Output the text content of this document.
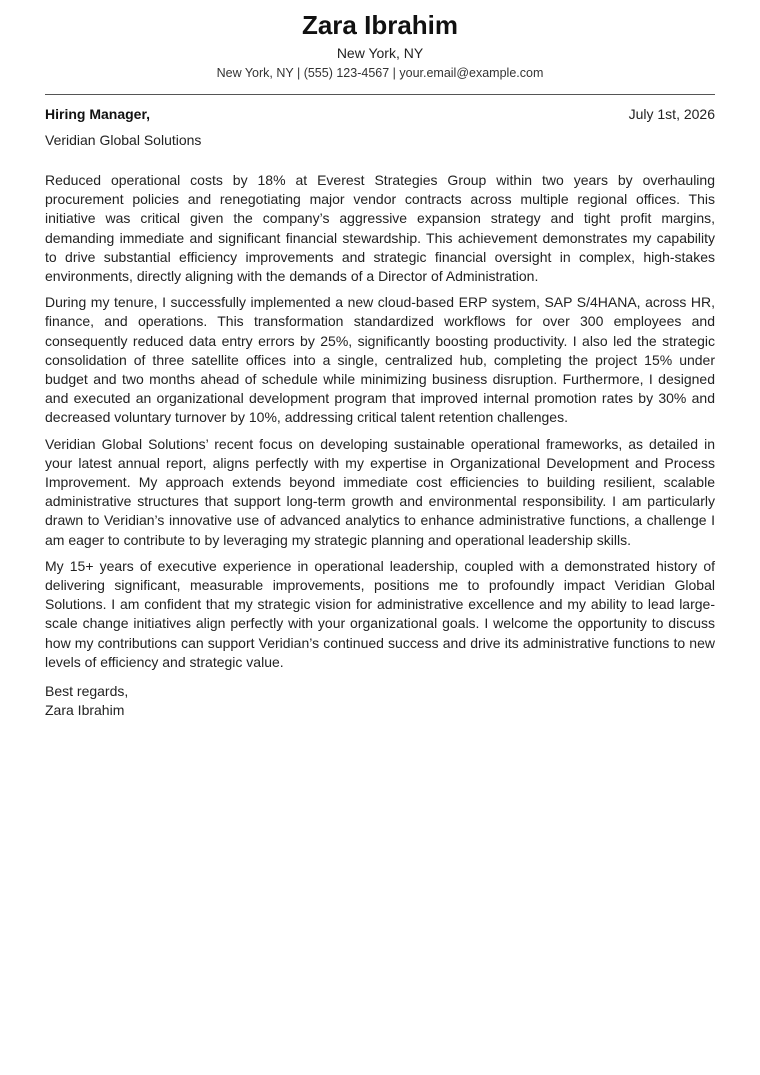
Zara Ibrahim
New York, NY
New York, NY | (555) 123-4567 | your.email@example.com
Hiring Manager,	July 1st, 2026
Veridian Global Solutions

Reduced operational costs by 18% at Everest Strategies Group within two years by overhauling procurement policies and renegotiating major vendor contracts across multiple regional offices. This initiative was critical given the company’s aggressive expansion strategy and tight profit margins, demanding immediate and significant financial stewardship. This achievement demonstrates my capability to drive substantial efficiency improvements and strategic financial oversight in complex, high-stakes environments, directly aligning with the demands of a Director of Administration.

During my tenure, I successfully implemented a new cloud-based ERP system, SAP S/4HANA, across HR, finance, and operations. This transformation standardized workflows for over 300 employees and consequently reduced data entry errors by 25%, significantly boosting productivity. I also led the strategic consolidation of three satellite offices into a single, centralized hub, completing the project 15% under budget and two months ahead of schedule while minimizing business disruption. Furthermore, I designed and executed an organizational development program that improved internal promotion rates by 30% and decreased voluntary turnover by 10%, addressing critical talent retention challenges.

Veridian Global Solutions’ recent focus on developing sustainable operational frameworks, as detailed in your latest annual report, aligns perfectly with my expertise in Organizational Development and Process Improvement. My approach extends beyond immediate cost efficiencies to building resilient, scalable administrative structures that support long-term growth and environmental responsibility. I am particularly drawn to Veridian’s innovative use of advanced analytics to enhance administrative functions, a challenge I am eager to contribute to by leveraging my strategic planning and operational leadership skills.

My 15+ years of executive experience in operational leadership, coupled with a demonstrated history of delivering significant, measurable improvements, positions me to profoundly impact Veridian Global Solutions. I am confident that my strategic vision for administrative excellence and my ability to lead large-scale change initiatives align perfectly with your organizational goals. I welcome the opportunity to discuss how my contributions can support Veridian’s continued success and drive its administrative functions to new levels of efficiency and strategic value.

Best regards,
Zara Ibrahim
